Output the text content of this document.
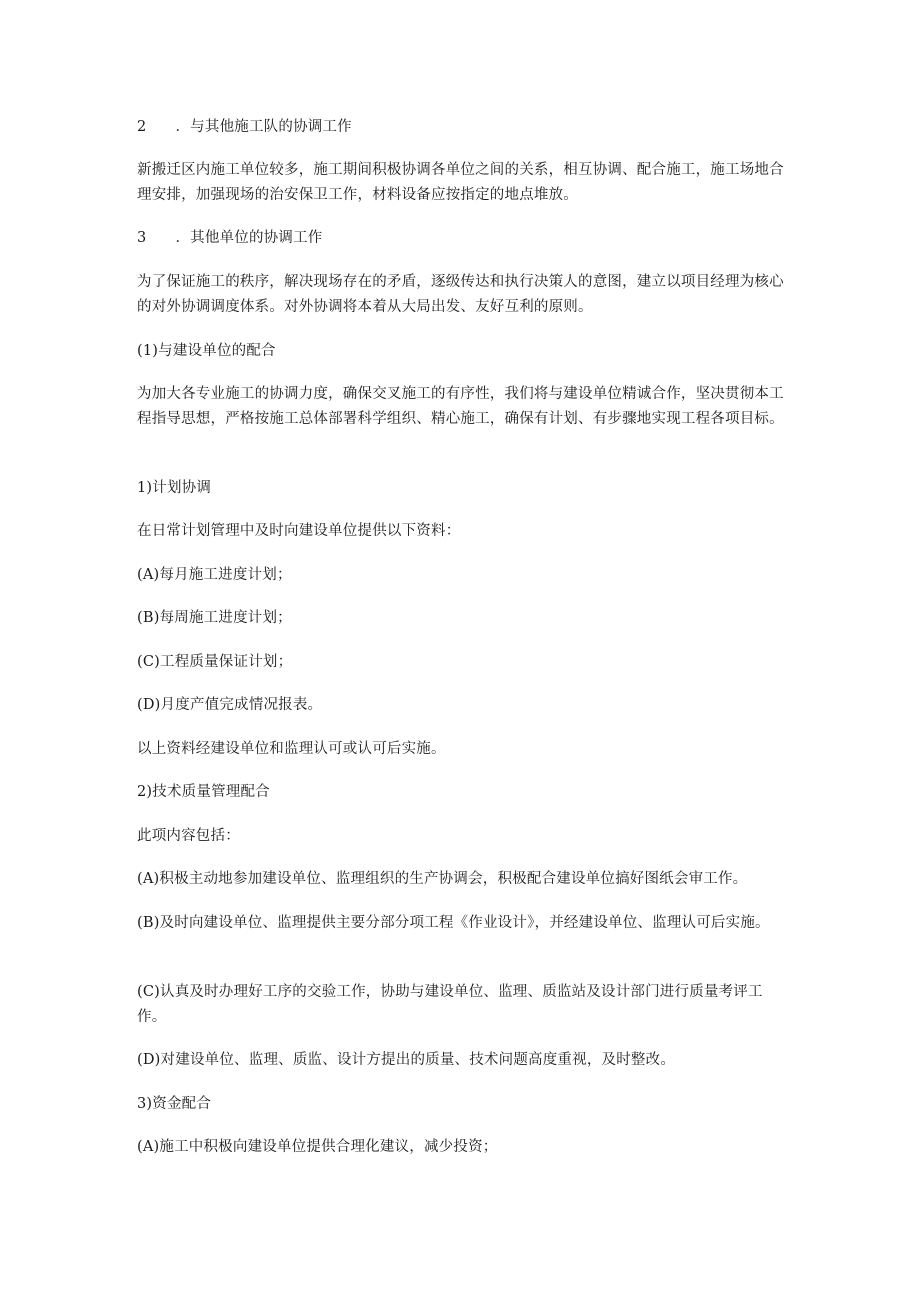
2	．与其他施工队的协调工作

新搬迁区内施工单位较多，施工期间积极协调各单位之间的关系，相互协调、配合施工，施工场地合理安排，加强现场的治安保卫工作，材料设备应按指定的地点堆放。

3	．其他单位的协调工作

为了保证施工的秩序，解决现场存在的矛盾，逐级传达和执行决策人的意图，建立以项目经理为核心的对外协调调度体系。对外协调将本着从大局出发、友好互利的原则。

(1)与建设单位的配合

为加大各专业施工的协调力度，确保交叉施工的有序性，我们将与建设单位精诚合作，坚决贯彻本工程指导思想，严格按施工总体部署科学组织、精心施工，确保有计划、有步骤地实现工程各项目标。

1)计划协调

在日常计划管理中及时向建设单位提供以下资料：

(A)每月施工进度计划；

(B)每周施工进度计划；

(C)工程质量保证计划；

(D)月度产值完成情况报表。

以上资料经建设单位和监理认可或认可后实施。

2)技术质量管理配合

此项内容包括：

(A)积极主动地参加建设单位、监理组织的生产协调会，积极配合建设单位搞好图纸会审工作。

(B)及时向建设单位、监理提供主要分部分项工程《作业设计》，并经建设单位、监理认可后实施。

(C)认真及时办理好工序的交验工作，协助与建设单位、监理、质监站及设计部门进行质量考评工作。

(D)对建设单位、监理、质监、设计方提出的质量、技术问题高度重视，及时整改。

3)资金配合

(A)施工中积极向建设单位提供合理化建议，减少投资；
